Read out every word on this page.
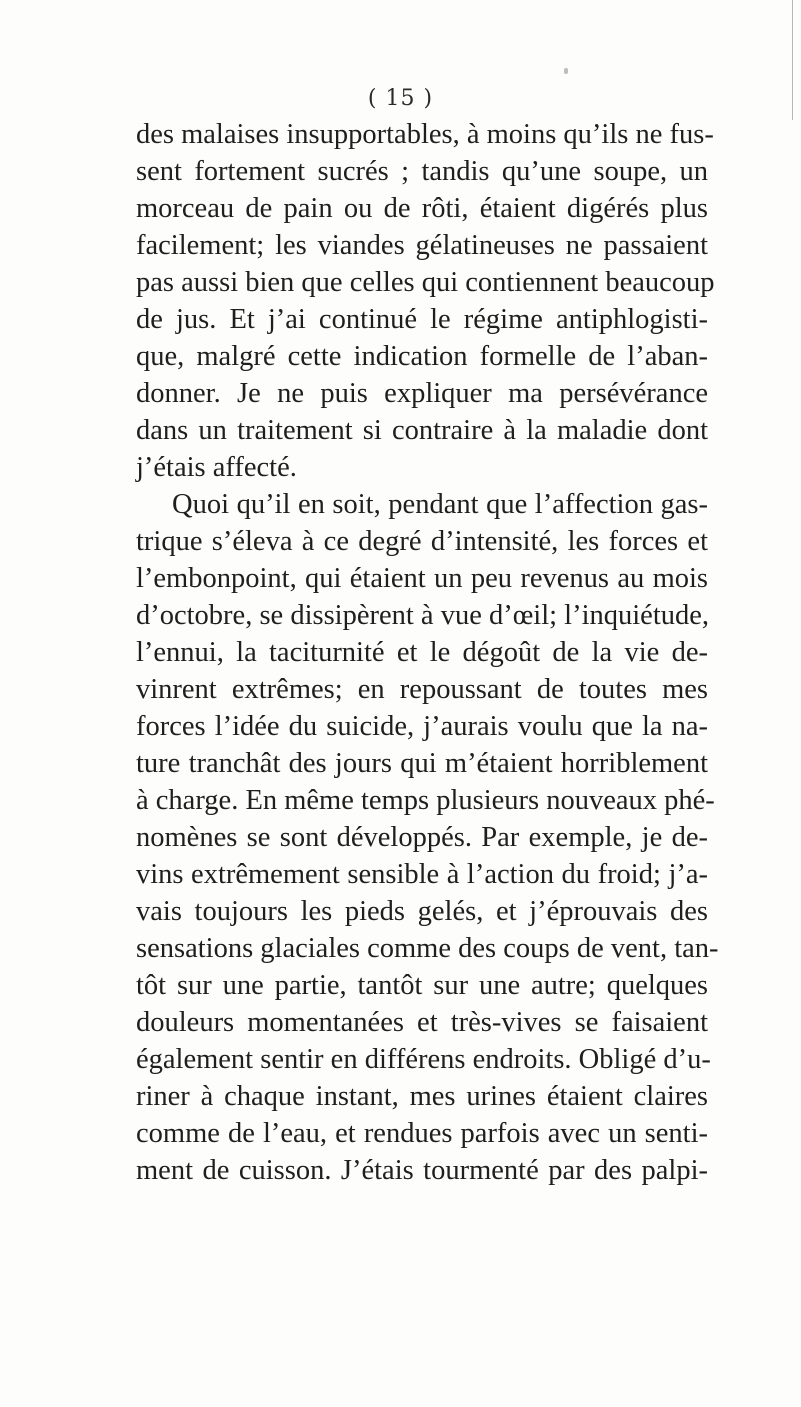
( 15 )
des malaises insupportables, à moins qu’ils ne fus-
sent fortement sucrés ; tandis qu’une soupe, un
morceau de pain ou de rôti, étaient digérés plus
facilement; les viandes gélatineuses ne passaient
pas aussi bien que celles qui contiennent beaucoup
de jus. Et j’ai continué le régime antiphlogisti-
que, malgré cette indication formelle de l’aban-
donner. Je ne puis expliquer ma persévérance
dans un traitement si contraire à la maladie dont
j’étais affecté.
Quoi qu’il en soit, pendant que l’affection gas-
trique s’éleva à ce degré d’intensité, les forces et
l’embonpoint, qui étaient un peu revenus au mois
d’octobre, se dissipèrent à vue d’œil; l’inquiétude,
l’ennui, la taciturnité et le dégoût de la vie de-
vinrent extrêmes; en repoussant de toutes mes
forces l’idée du suicide, j’aurais voulu que la na-
ture tranchât des jours qui m’étaient horriblement
à charge. En même temps plusieurs nouveaux phé-
nomènes se sont développés. Par exemple, je de-
vins extrêmement sensible à l’action du froid; j’a-
vais toujours les pieds gelés, et j’éprouvais des
sensations glaciales comme des coups de vent, tan-
tôt sur une partie, tantôt sur une autre; quelques
douleurs momentanées et très-vives se faisaient
également sentir en différens endroits. Obligé d’u-
riner à chaque instant, mes urines étaient claires
comme de l’eau, et rendues parfois avec un senti-
ment de cuisson. J’étais tourmenté par des palpi-
